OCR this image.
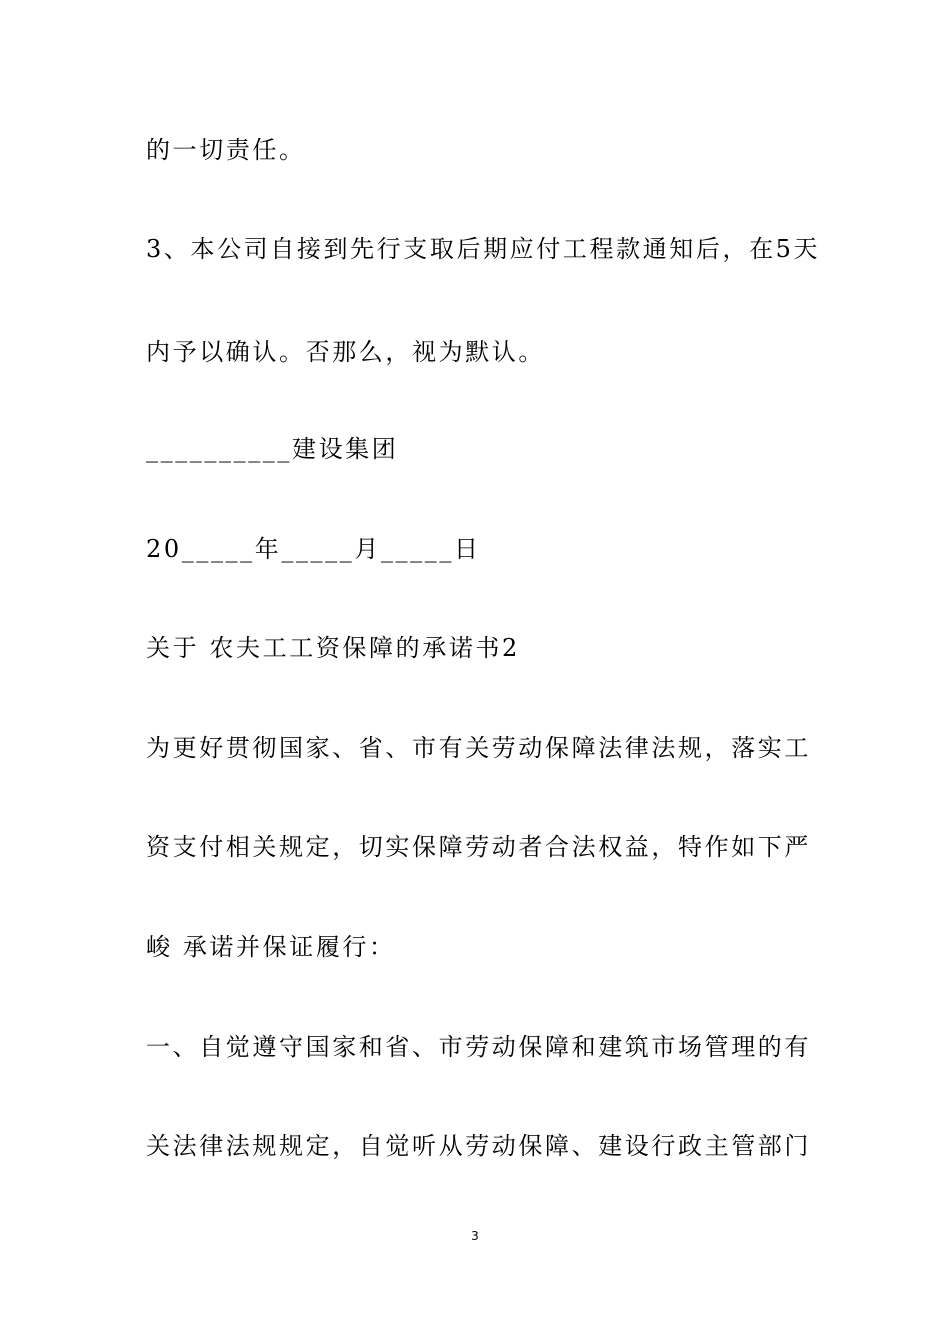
的一切责任。
3、本公司自接到先行支取后期应付工程款通知后，在5天
内予以确认。否那么，视为默认。
__________建设集团
20_____年_____月_____日
关于 农夫工工资保障的承诺书2
为更好贯彻国家、省、市有关劳动保障法律法规，落实工
资支付相关规定，切实保障劳动者合法权益，特作如下严
峻 承诺并保证履行：
一、自觉遵守国家和省、市劳动保障和建筑市场管理的有
关法律法规规定，自觉听从劳动保障、建设行政主管部门
3
